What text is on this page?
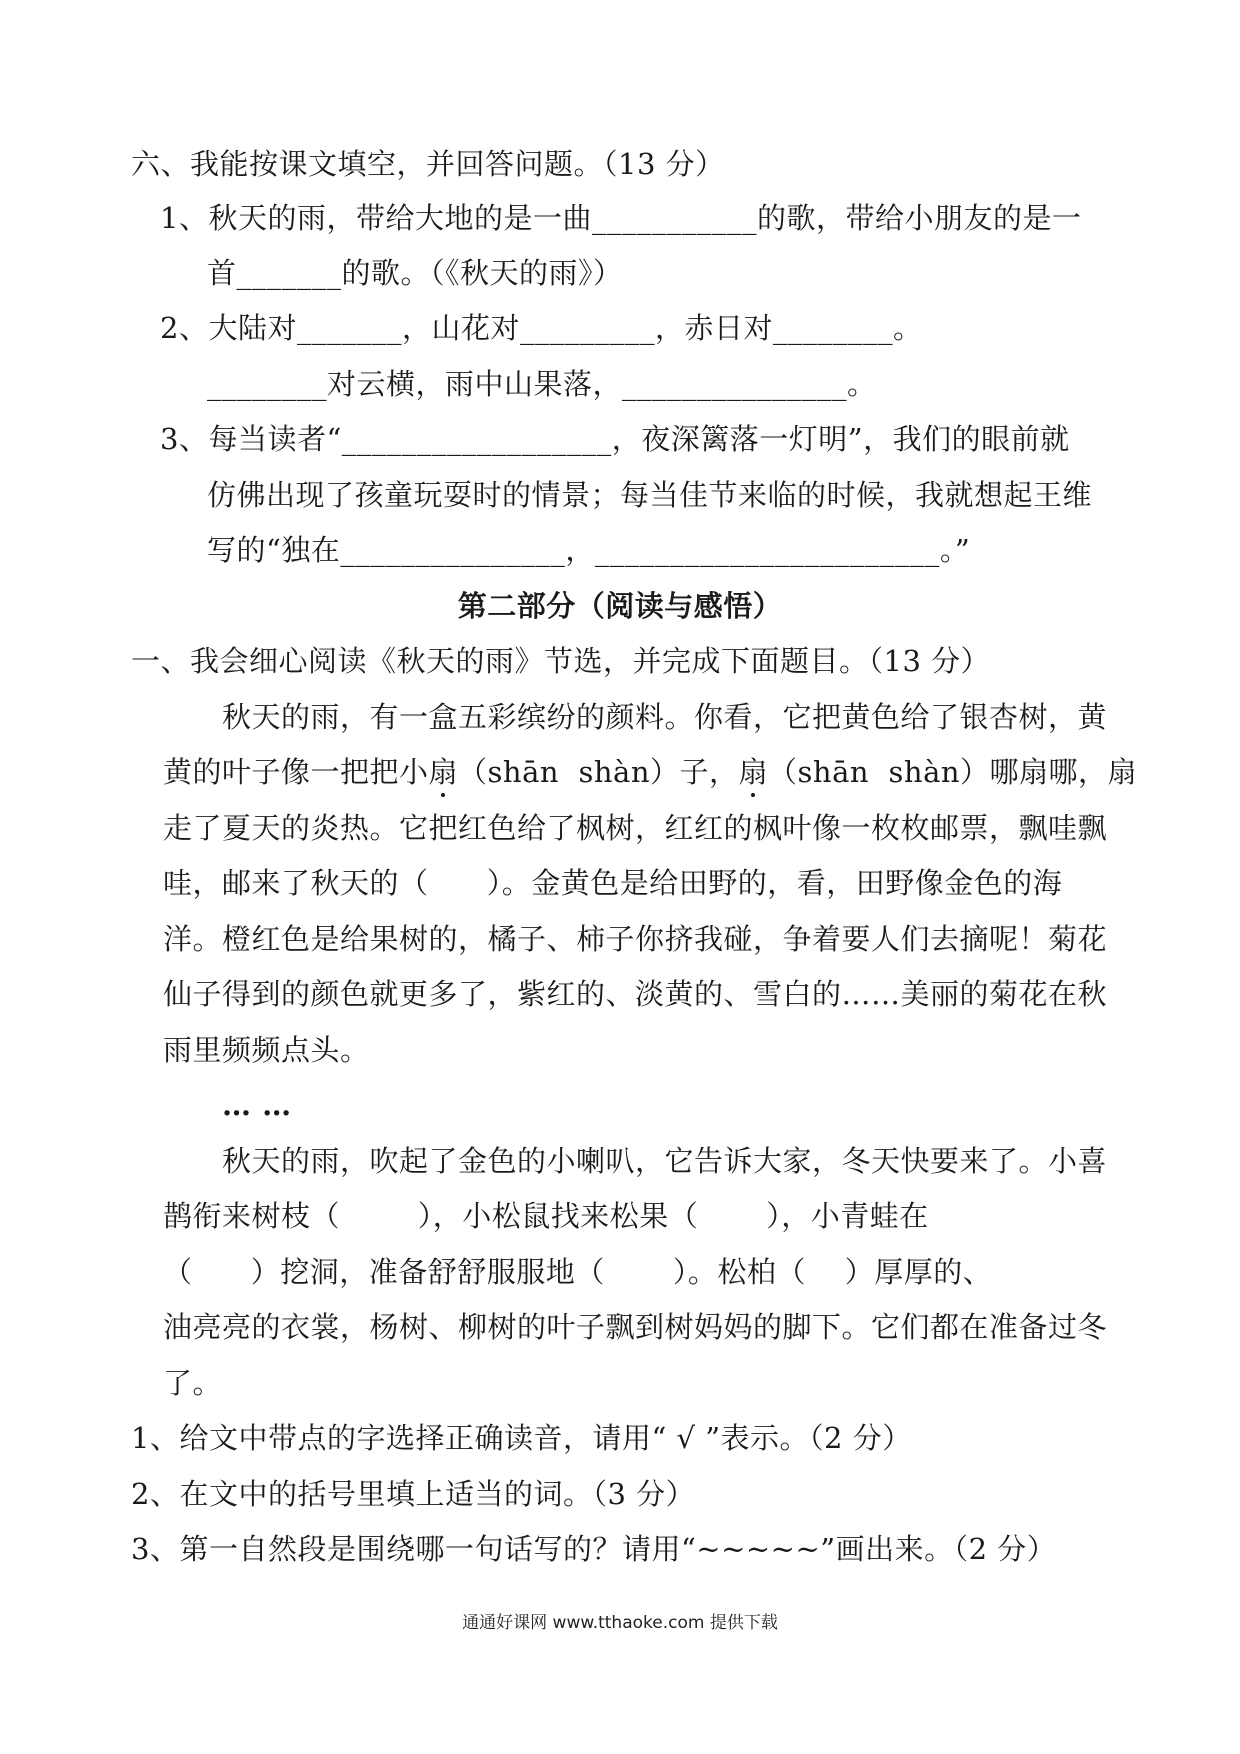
六、我能按课文填空，并回答问题。（13 分）
1、秋天的雨，带给大地的是一曲___________的歌，带给小朋友的是一
首_______的歌。（《秋天的雨》）
2、大陆对_______，山花对_________，赤日对________。
________对云横，雨中山果落，_______________。
3、每当读者“__________________，夜深篱落一灯明”，我们的眼前就
仿佛出现了孩童玩耍时的情景；每当佳节来临的时候，我就想起王维
写的“独在_______________，_______________________。”
第二部分（阅读与感悟）
一、我会细心阅读《秋天的雨》节选，并完成下面题目。（13 分）
秋天的雨，有一盒五彩缤纷的颜料。你看，它把黄色给了银杏树，黄
黄的叶子像一把把小扇（shān  shàn）子，扇（shān  shàn）哪扇哪，扇
走了夏天的炎热。它把红色给了枫树，红红的枫叶像一枚枚邮票，飘哇飘
哇，邮来了秋天的（      ）。金黄色是给田野的，看，田野像金色的海
洋。橙红色是给果树的，橘子、柿子你挤我碰，争着要人们去摘呢！菊花
仙子得到的颜色就更多了，紫红的、淡黄的、雪白的……美丽的菊花在秋
雨里频频点头。
… …
秋天的雨，吹起了金色的小喇叭，它告诉大家，冬天快要来了。小喜
鹊衔来树枝（        ），小松鼠找来松果（       ），小青蛙在
（      ）挖洞，准备舒舒服服地（       ）。松柏（    ）厚厚的、
油亮亮的衣裳，杨树、柳树的叶子飘到树妈妈的脚下。它们都在准备过冬
了。
1、给文中带点的字选择正确读音，请用“ √ ”表示。（2 分）
2、在文中的括号里填上适当的词。（3 分）
3、第一自然段是围绕哪一句话写的？请用“~~~~~”画出来。（2 分）
通通好课网 www.tthaoke.com 提供下载
